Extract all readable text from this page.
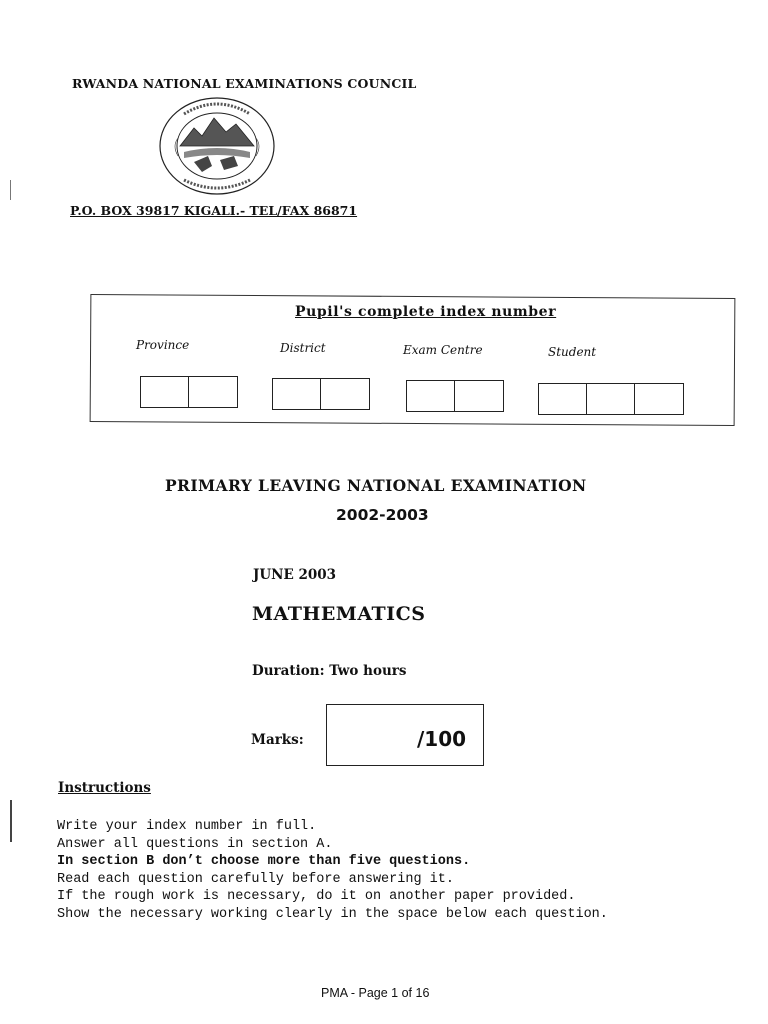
RWANDA NATIONAL EXAMINATIONS COUNCIL
P.O. BOX 39817 KIGALI.- TEL/FAX 86871
Pupil's complete index number
Province	District	Exam Centre	Student
PRIMARY LEAVING NATIONAL EXAMINATION
2002-2003
JUNE 2003
MATHEMATICS
Duration: Two hours
Marks:	/100
Instructions
Write your index number in full.
Answer all questions in section A.
In section B don’t choose more than five questions.
Read each question carefully before answering it.
If the rough work is necessary, do it on another paper provided.
Show the necessary working clearly in the space below each question.
PMA - Page 1 of 16
